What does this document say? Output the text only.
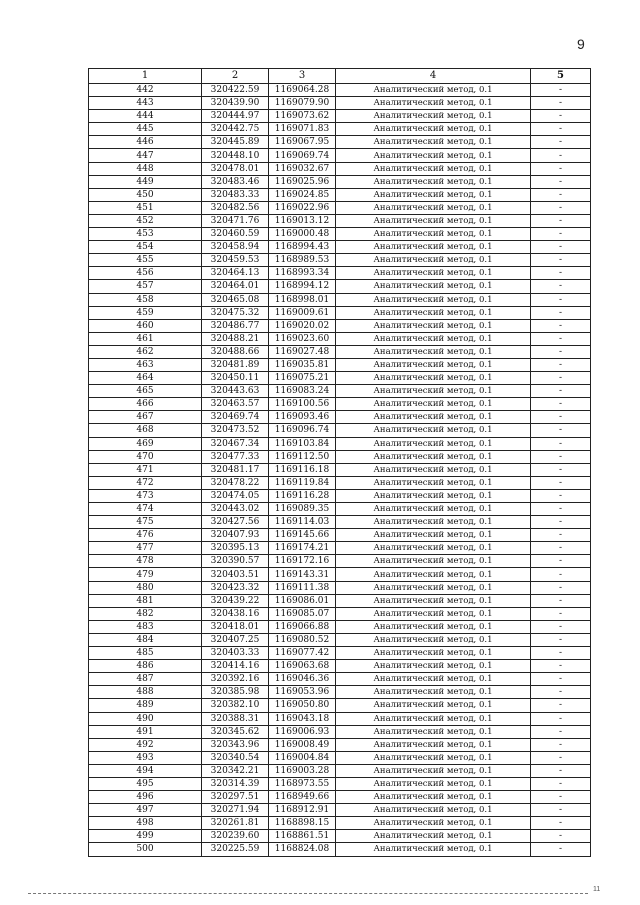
9
1	2	3	4	5
442	320422.59	1169064.28	Аналитический метод, 0.1	-
443	320439.90	1169079.90	Аналитический метод, 0.1	-
444	320444.97	1169073.62	Аналитический метод, 0.1	-
445	320442.75	1169071.83	Аналитический метод, 0.1	-
446	320445.89	1169067.95	Аналитический метод, 0.1	-
447	320448.10	1169069.74	Аналитический метод, 0.1	-
448	320478.01	1169032.67	Аналитический метод, 0.1	-
449	320483.46	1169025.96	Аналитический метод, 0.1	-
450	320483.33	1169024.85	Аналитический метод, 0.1	-
451	320482.56	1169022.96	Аналитический метод, 0.1	-
452	320471.76	1169013.12	Аналитический метод, 0.1	-
453	320460.59	1169000.48	Аналитический метод, 0.1	-
454	320458.94	1168994.43	Аналитический метод, 0.1	-
455	320459.53	1168989.53	Аналитический метод, 0.1	-
456	320464.13	1168993.34	Аналитический метод, 0.1	-
457	320464.01	1168994.12	Аналитический метод, 0.1	-
458	320465.08	1168998.01	Аналитический метод, 0.1	-
459	320475.32	1169009.61	Аналитический метод, 0.1	-
460	320486.77	1169020.02	Аналитический метод, 0.1	-
461	320488.21	1169023.60	Аналитический метод, 0.1	-
462	320488.66	1169027.48	Аналитический метод, 0.1	-
463	320481.89	1169035.81	Аналитический метод, 0.1	-
464	320450.11	1169075.21	Аналитический метод, 0.1	-
465	320443.63	1169083.24	Аналитический метод, 0.1	-
466	320463.57	1169100.56	Аналитический метод, 0.1	-
467	320469.74	1169093.46	Аналитический метод, 0.1	-
468	320473.52	1169096.74	Аналитический метод, 0.1	-
469	320467.34	1169103.84	Аналитический метод, 0.1	-
470	320477.33	1169112.50	Аналитический метод, 0.1	-
471	320481.17	1169116.18	Аналитический метод, 0.1	-
472	320478.22	1169119.84	Аналитический метод, 0.1	-
473	320474.05	1169116.28	Аналитический метод, 0.1	-
474	320443.02	1169089.35	Аналитический метод, 0.1	-
475	320427.56	1169114.03	Аналитический метод, 0.1	-
476	320407.93	1169145.66	Аналитический метод, 0.1	-
477	320395.13	1169174.21	Аналитический метод, 0.1	-
478	320390.57	1169172.16	Аналитический метод, 0.1	-
479	320403.51	1169143.31	Аналитический метод, 0.1	-
480	320423.32	1169111.38	Аналитический метод, 0.1	-
481	320439.22	1169086.01	Аналитический метод, 0.1	-
482	320438.16	1169085.07	Аналитический метод, 0.1	-
483	320418.01	1169066.88	Аналитический метод, 0.1	-
484	320407.25	1169080.52	Аналитический метод, 0.1	-
485	320403.33	1169077.42	Аналитический метод, 0.1	-
486	320414.16	1169063.68	Аналитический метод, 0.1	-
487	320392.16	1169046.36	Аналитический метод, 0.1	-
488	320385.98	1169053.96	Аналитический метод, 0.1	-
489	320382.10	1169050.80	Аналитический метод, 0.1	-
490	320388.31	1169043.18	Аналитический метод, 0.1	-
491	320345.62	1169006.93	Аналитический метод, 0.1	-
492	320343.96	1169008.49	Аналитический метод, 0.1	-
493	320340.54	1169004.84	Аналитический метод, 0.1	-
494	320342.21	1169003.28	Аналитический метод, 0.1	-
495	320314.39	1168973.55	Аналитический метод, 0.1	-
496	320297.51	1168949.66	Аналитический метод, 0.1	-
497	320271.94	1168912.91	Аналитический метод, 0.1	-
498	320261.81	1168898.15	Аналитический метод, 0.1	-
499	320239.60	1168861.51	Аналитический метод, 0.1	-
500	320225.59	1168824.08	Аналитический метод, 0.1	-
11
